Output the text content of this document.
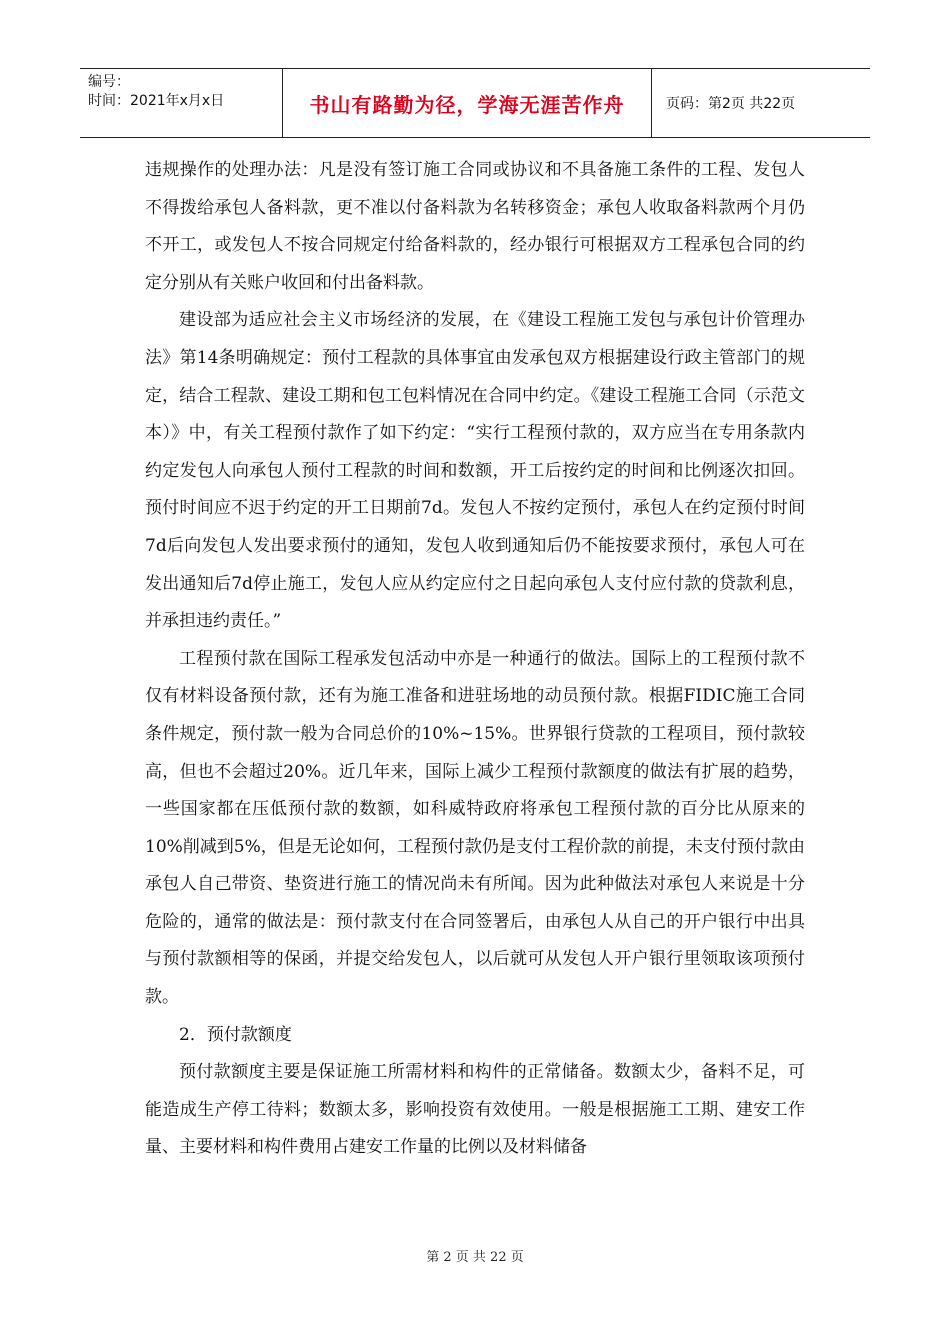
编号：
时间：2021年x月x日	书山有路勤为径，学海无涯苦作舟	页码：第2页 共22页

违规操作的处理办法：凡是没有签订施工合同或协议和不具备施工条件的工程、发包人不得拨给承包人备料款，更不准以付备料款为名转移资金；承包人收取备料款两个月仍不开工，或发包人不按合同规定付给备料款的，经办银行可根据双方工程承包合同的约定分别从有关账户收回和付出备料款。

建设部为适应社会主义市场经济的发展，在《建设工程施工发包与承包计价管理办法》第14条明确规定：预付工程款的具体事宜由发承包双方根据建设行政主管部门的规定，结合工程款、建设工期和包工包料情况在合同中约定。《建设工程施工合同（示范文本）》中，有关工程预付款作了如下约定：“实行工程预付款的，双方应当在专用条款内约定发包人向承包人预付工程款的时间和数额，开工后按约定的时间和比例逐次扣回。预付时间应不迟于约定的开工日期前7d。发包人不按约定预付，承包人在约定预付时间7d后向发包人发出要求预付的通知，发包人收到通知后仍不能按要求预付，承包人可在发出通知后7d停止施工，发包人应从约定应付之日起向承包人支付应付款的贷款利息，并承担违约责任。”

工程预付款在国际工程承发包活动中亦是一种通行的做法。国际上的工程预付款不仅有材料设备预付款，还有为施工准备和进驻场地的动员预付款。根据FIDIC施工合同条件规定，预付款一般为合同总价的10%~15%。世界银行贷款的工程项目，预付款较高，但也不会超过20%。近几年来，国际上减少工程预付款额度的做法有扩展的趋势，一些国家都在压低预付款的数额，如科威特政府将承包工程预付款的百分比从原来的10%削减到5%，但是无论如何，工程预付款仍是支付工程价款的前提，未支付预付款由承包人自己带资、垫资进行施工的情况尚未有所闻。因为此种做法对承包人来说是十分危险的，通常的做法是：预付款支付在合同签署后，由承包人从自己的开户银行中出具与预付款额相等的保函，并提交给发包人，以后就可从发包人开户银行里领取该项预付款。

2．预付款额度

预付款额度主要是保证施工所需材料和构件的正常储备。数额太少，备料不足，可能造成生产停工待料；数额太多，影响投资有效使用。一般是根据施工工期、建安工作量、主要材料和构件费用占建安工作量的比例以及材料储备

第 2 页 共 22 页
